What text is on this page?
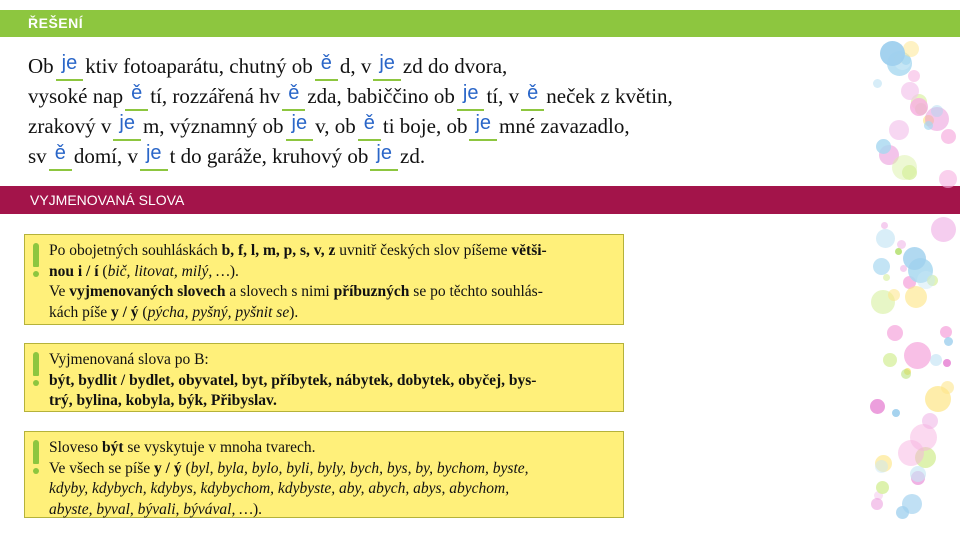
ŘEŠENÍ
Ob je ktiv fotoaparátu, chutný ob ě d, v je zd do dvora,
vysoké nap ě tí, rozzářená hv ě zda, babiččino ob je tí, v ě neček z květin,
zrakový v je m, významný ob je v, ob ě ti boje, ob je mné zavazadlo,
sv ě domí, v je t do garáže, kruhový ob je zd.
VYJMENOVANÁ SLOVA
Po obojetných souhláskách b, f, l, m, p, s, v, z uvnitř českých slov píšeme větši-
nou i / í (bič, litovat, milý, …).
Ve vyjmenovaných slovech a slovech s nimi příbuzných se po těchto souhlás-
kách píše y / ý (pýcha, pyšný, pyšnit se).
Vyjmenovaná slova po B:
být, bydlit / bydlet, obyvatel, byt, příbytek, nábytek, dobytek, obyčej, bys-
trý, bylina, kobyla, býk, Přibyslav.
Sloveso být se vyskytuje v mnoha tvarech.
Ve všech se píše y / ý (byl, byla, bylo, byli, byly, bych, bys, by, bychom, byste,
kdyby, kdybych, kdybys, kdybychom, kdybyste, aby, abych, abys, abychom,
abyste, byval, bývali, bývával, …).
